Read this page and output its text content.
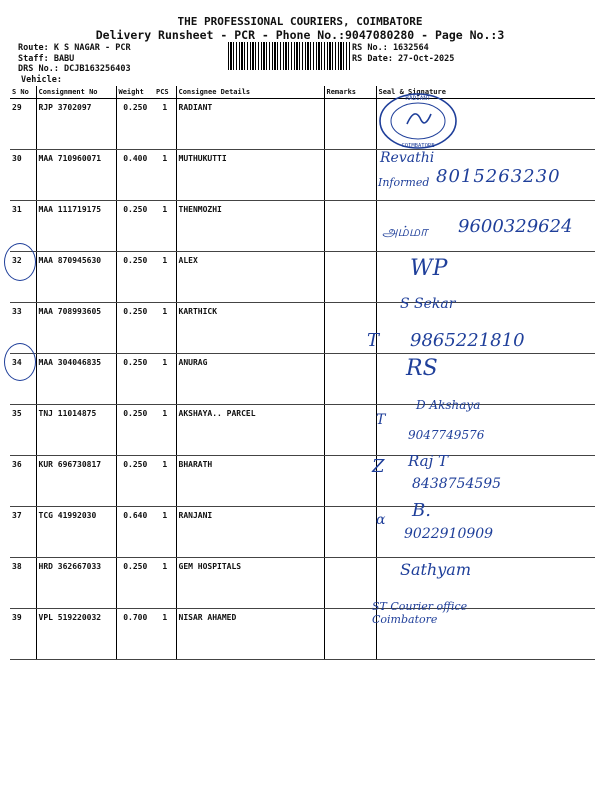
THE PROFESSIONAL COURIERS, COIMBATORE
Delivery Runsheet - PCR - Phone No.:9047080280 - Page No.:3
Route: K S NAGAR - PCR
Staff: BABU
DRS No.: DCJB163256403
Vehicle:
RS No.: 1632564
RS Date: 27-Oct-2025
S No	Consignment No	Weight	PCS	Consignee Details	Remarks	Seal & Signature
29	RJP 3702097	0.250	1	RADIANT		
30	MAA 710960071	0.400	1	MUTHUKUTTI		
31	MAA 111719175	0.250	1	THENMOZHI		
32	MAA 870945630	0.250	1	ALEX		
33	MAA 708993605	0.250	1	KARTHICK		
34	MAA 304046835	0.250	1	ANURAG		
35	TNJ 11014875	0.250	1	AKSHAYA.. PARCEL		
36	KUR 696730817	0.250	1	BHARATH		
37	TCG 41992030	0.640	1	RANJANI		
38	HRD 362667033	0.250	1	GEM HOSPITALS		
39	VPL 519220032	0.700	1	NISAR AHAMED		
RADIANT
COIMBATORE
Revathi
Informed 8015263230
அம்மா 9600329624
WP
S Sekar
9865221810
T
RS
D Akshaya
T
9047749576
Raj T
Z
8438754595
α B.
9022910909
Sathyam
ST Courier office Coimbatore
